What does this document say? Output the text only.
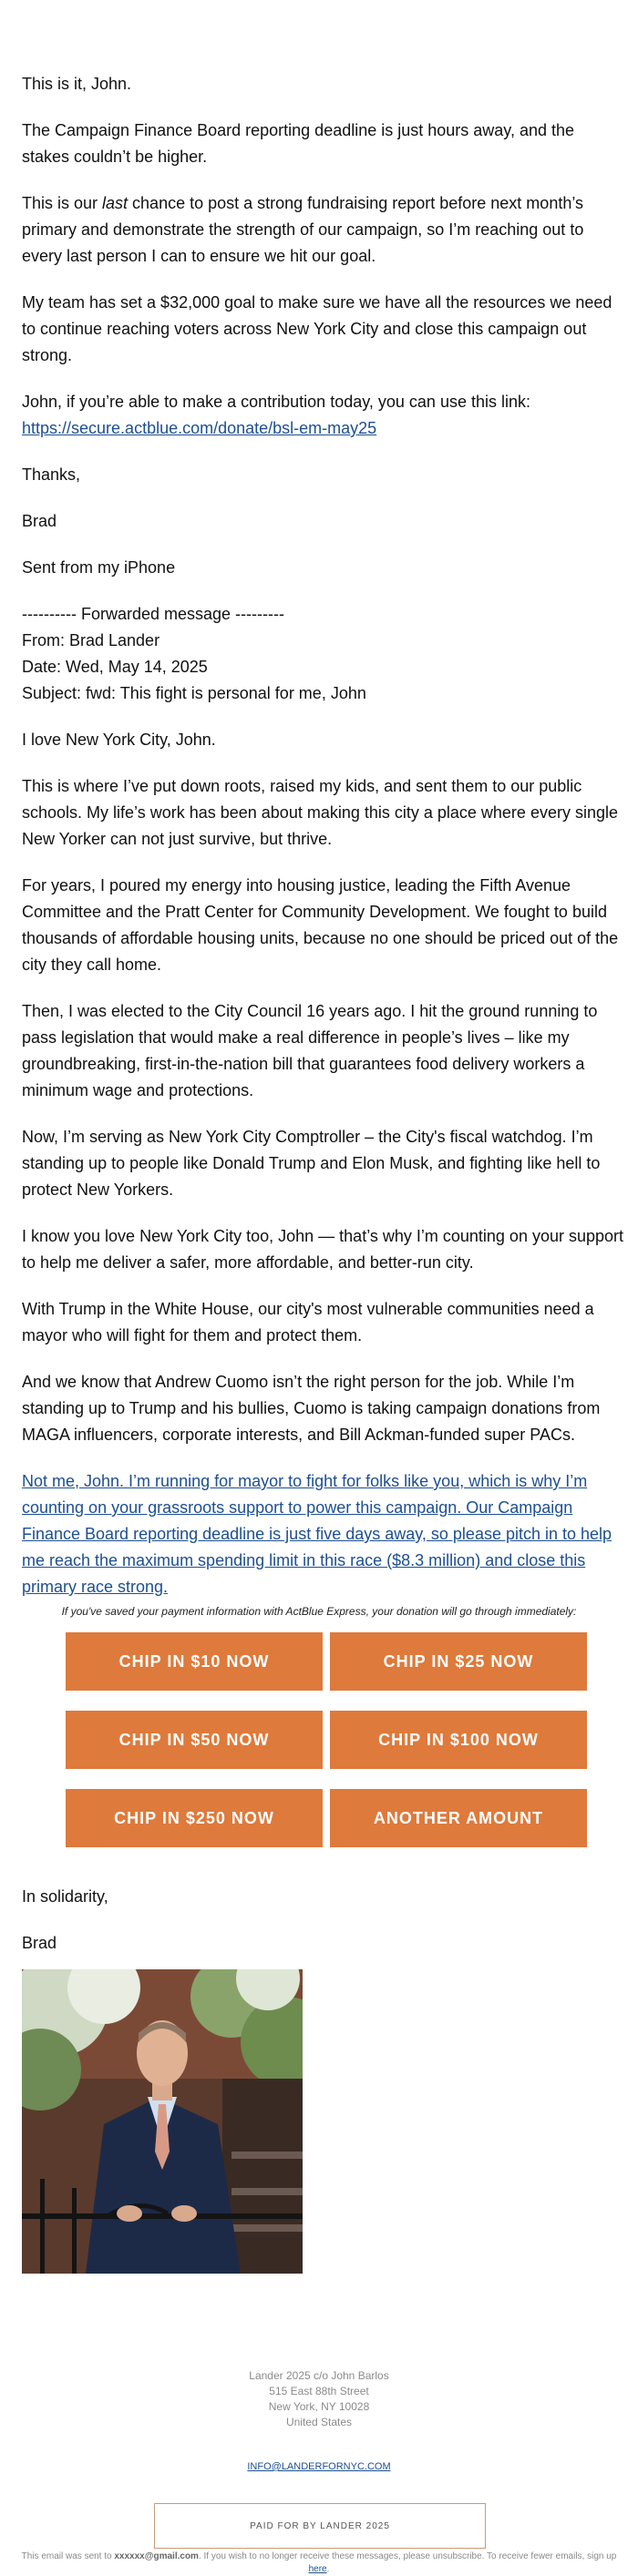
This is it, John.

The Campaign Finance Board reporting deadline is just hours away, and the stakes couldn’t be higher.

This is our last chance to post a strong fundraising report before next month’s primary and demonstrate the strength of our campaign, so I’m reaching out to every last person I can to ensure we hit our goal.

My team has set a $32,000 goal to make sure we have all the resources we need to continue reaching voters across New York City and close this campaign out strong.

John, if you’re able to make a contribution today, you can use this link:
https://secure.actblue.com/donate/bsl-em-may25

Thanks,

Brad

Sent from my iPhone

---------- Forwarded message ---------
From: Brad Lander
Date: Wed, May 14, 2025
Subject: fwd: This fight is personal for me, John

I love New York City, John.

This is where I’ve put down roots, raised my kids, and sent them to our public schools. My life’s work has been about making this city a place where every single New Yorker can not just survive, but thrive.

For years, I poured my energy into housing justice, leading the Fifth Avenue Committee and the Pratt Center for Community Development. We fought to build thousands of affordable housing units, because no one should be priced out of the city they call home.

Then, I was elected to the City Council 16 years ago. I hit the ground running to pass legislation that would make a real difference in people’s lives – like my groundbreaking, first-in-the-nation bill that guarantees food delivery workers a minimum wage and protections.

Now, I’m serving as New York City Comptroller – the City's fiscal watchdog. I’m standing up to people like Donald Trump and Elon Musk, and fighting like hell to protect New Yorkers.

I know you love New York City too, John — that’s why I’m counting on your support to help me deliver a safer, more affordable, and better-run city.

With Trump in the White House, our city's most vulnerable communities need a mayor who will fight for them and protect them.

And we know that Andrew Cuomo isn’t the right person for the job. While I’m standing up to Trump and his bullies, Cuomo is taking campaign donations from MAGA influencers, corporate interests, and Bill Ackman-funded super PACs.

Not me, John. I’m running for mayor to fight for folks like you, which is why I’m counting on your grassroots support to power this campaign. Our Campaign Finance Board reporting deadline is just five days away, so please pitch in to help me reach the maximum spending limit in this race ($8.3 million) and close this primary race strong.

If you've saved your payment information with ActBlue Express, your donation will go through immediately:
CHIP IN $10 NOW	CHIP IN $25 NOW
CHIP IN $50 NOW	CHIP IN $100 NOW
CHIP IN $250 NOW	ANOTHER AMOUNT

In solidarity,

Brad

Lander 2025 c/o John Barlos
515 East 88th Street
New York, NY 10028
United States
INFO@LANDERFORNYC.COM
PAID FOR BY LANDER 2025
This email was sent to xxxxxx@gmail.com. If you wish to no longer receive these messages, please unsubscribe. To receive fewer emails, sign up here.
